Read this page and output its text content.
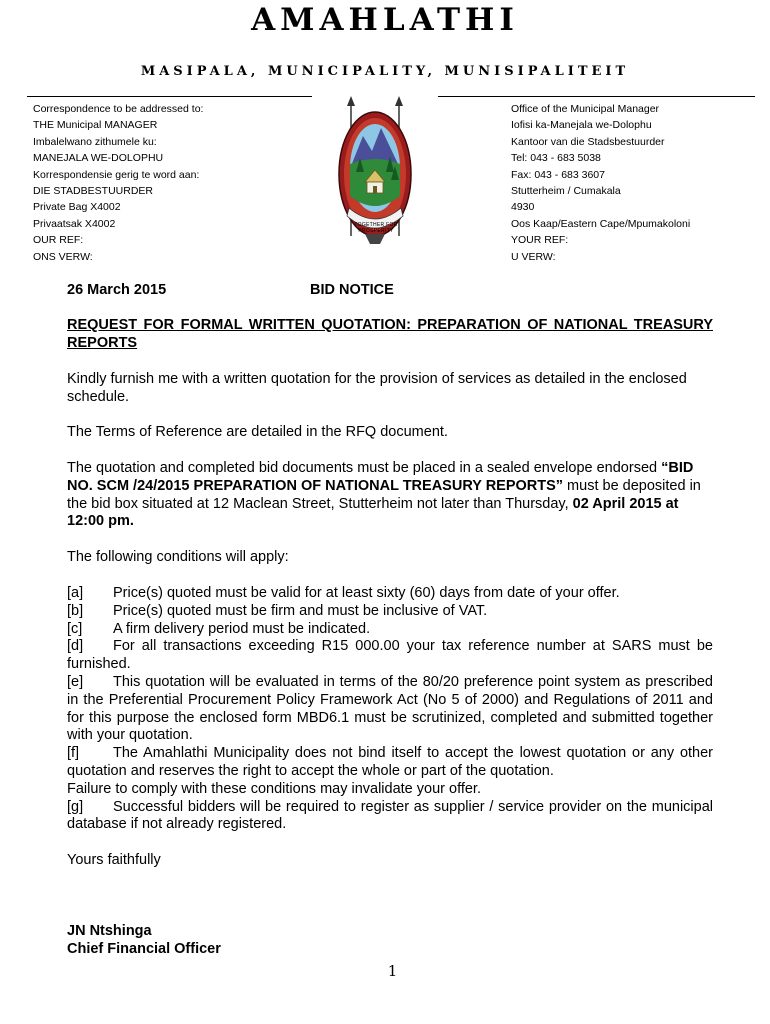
AMAHLATHI
MASIPALA, MUNICIPALITY, MUNISIPALITEIT
TOGETHER FOR PROSPERITY
Correspondence to be addressed to:
THE Municipal MANAGER
Imbalelwano zithumele ku:
MANEJALA WE-DOLOPHU
Korrespondensie gerig te word aan:
DIE STADBESTUURDER
Private Bag X4002
Privaatsak X4002
OUR REF:
ONS VERW:
Office of the Municipal Manager
Iofisi ka-Manejala we-Dolophu
Kantoor van die Stadsbestuurder
Tel: 043 - 683 5038
Fax: 043 - 683 3607
Stutterheim / Cumakala
4930
Oos Kaap/Eastern Cape/Mpumakoloni
YOUR REF:
U VERW:
26 March 2015	BID NOTICE
REQUEST FOR FORMAL WRITTEN QUOTATION: PREPARATION OF NATIONAL TREASURY REPORTS
Kindly furnish me with a written quotation for the provision of services as detailed in the enclosed schedule.
The Terms of Reference are detailed in the RFQ document.
The quotation and completed bid documents must be placed in a sealed envelope endorsed “BID NO. SCM /24/2015 PREPARATION OF NATIONAL TREASURY REPORTS” must be deposited in the bid box situated at 12 Maclean Street, Stutterheim not later than Thursday, 02 April 2015 at 12:00 pm.
The following conditions will apply:
[a] Price(s) quoted must be valid for at least sixty (60) days from date of your offer.
[b] Price(s) quoted must be firm and must be inclusive of VAT.
[c] A firm delivery period must be indicated.
[d] For all transactions exceeding R15 000.00 your tax reference number at SARS must be furnished.
[e] This quotation will be evaluated in terms of the 80/20 preference point system as prescribed in the Preferential Procurement Policy Framework Act (No 5 of 2000) and Regulations of 2011 and for this purpose the enclosed form MBD6.1 must be scrutinized, completed and submitted together with your quotation.
[f] The Amahlathi Municipality does not bind itself to accept the lowest quotation or any other quotation and reserves the right to accept the whole or part of the quotation.
Failure to comply with these conditions may invalidate your offer.
[g] Successful bidders will be required to register as supplier / service provider on the municipal database if not already registered.
Yours faithfully
JN Ntshinga
Chief Financial Officer
1
